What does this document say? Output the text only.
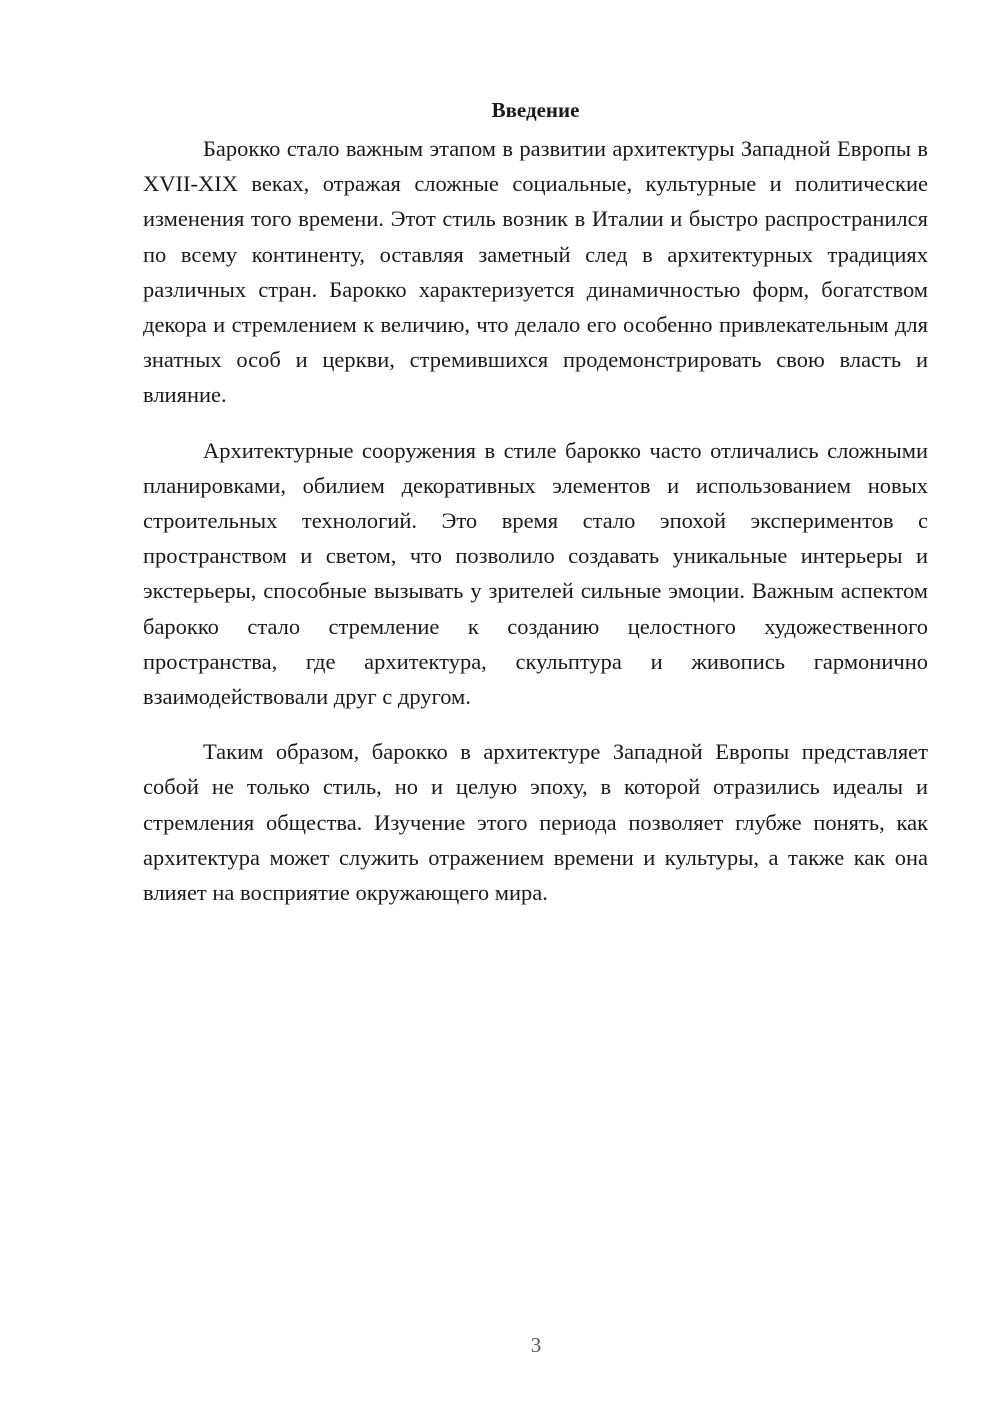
Введение

Барокко стало важным этапом в развитии архитектуры Западной Европы в XVII-XIX веках, отражая сложные социальные, культурные и политические изменения того времени. Этот стиль возник в Италии и быстро распространился по всему континенту, оставляя заметный след в архитектурных традициях различных стран. Барокко характеризуется динамичностью форм, богатством декора и стремлением к величию, что делало его особенно привлекательным для знатных особ и церкви, стремившихся продемонстрировать свою власть и влияние.

Архитектурные сооружения в стиле барокко часто отличались сложными планировками, обилием декоративных элементов и использованием новых строительных технологий. Это время стало эпохой экспериментов с пространством и светом, что позволило создавать уникальные интерьеры и экстерьеры, способные вызывать у зрителей сильные эмоции. Важным аспектом барокко стало стремление к созданию целостного художественного пространства, где архитектура, скульптура и живопись гармонично взаимодействовали друг с другом.

Таким образом, барокко в архитектуре Западной Европы представляет собой не только стиль, но и целую эпоху, в которой отразились идеалы и стремления общества. Изучение этого периода позволяет глубже понять, как архитектура может служить отражением времени и культуры, а также как она влияет на восприятие окружающего мира.

3
